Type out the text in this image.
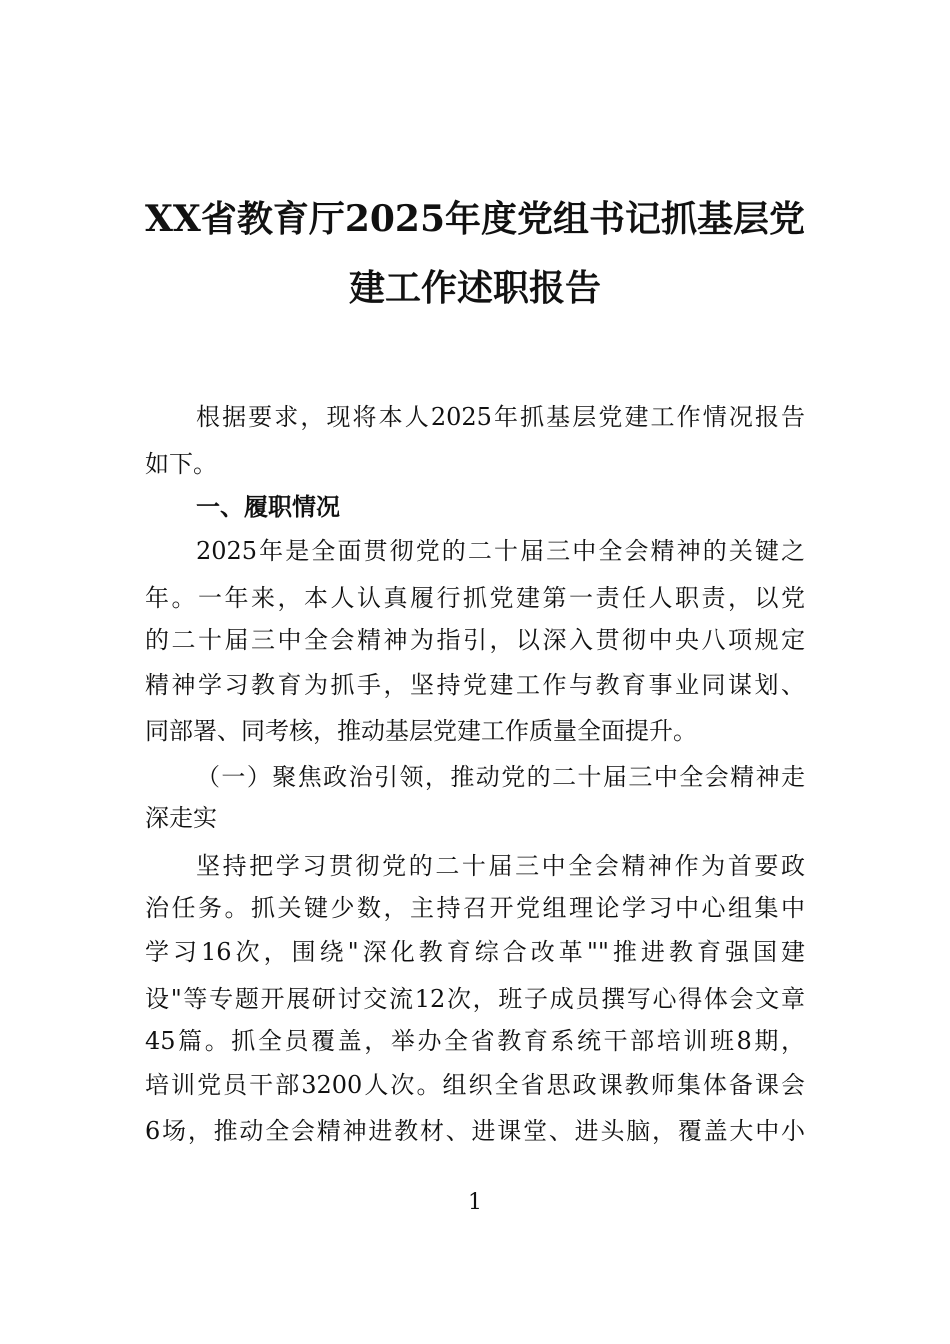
XX省教育厅2025年度党组书记抓基层党
建工作述职报告
根据要求，现将本人2025年抓基层党建工作情况报告
如下。
一、履职情况
2025年是全面贯彻党的二十届三中全会精神的关键之
年。一年来，本人认真履行抓党建第一责任人职责，以党
的二十届三中全会精神为指引，以深入贯彻中央八项规定
精神学习教育为抓手，坚持党建工作与教育事业同谋划、
同部署、同考核，推动基层党建工作质量全面提升。
（一）聚焦政治引领，推动党的二十届三中全会精神走
深走实
坚持把学习贯彻党的二十届三中全会精神作为首要政
治任务。抓关键少数，主持召开党组理论学习中心组集中
学习16次，围绕"深化教育综合改革""推进教育强国建
设"等专题开展研讨交流12次，班子成员撰写心得体会文章
45篇。抓全员覆盖，举办全省教育系统干部培训班8期，
培训党员干部3200人次。组织全省思政课教师集体备课会
6场，推动全会精神进教材、进课堂、进头脑，覆盖大中小
1
